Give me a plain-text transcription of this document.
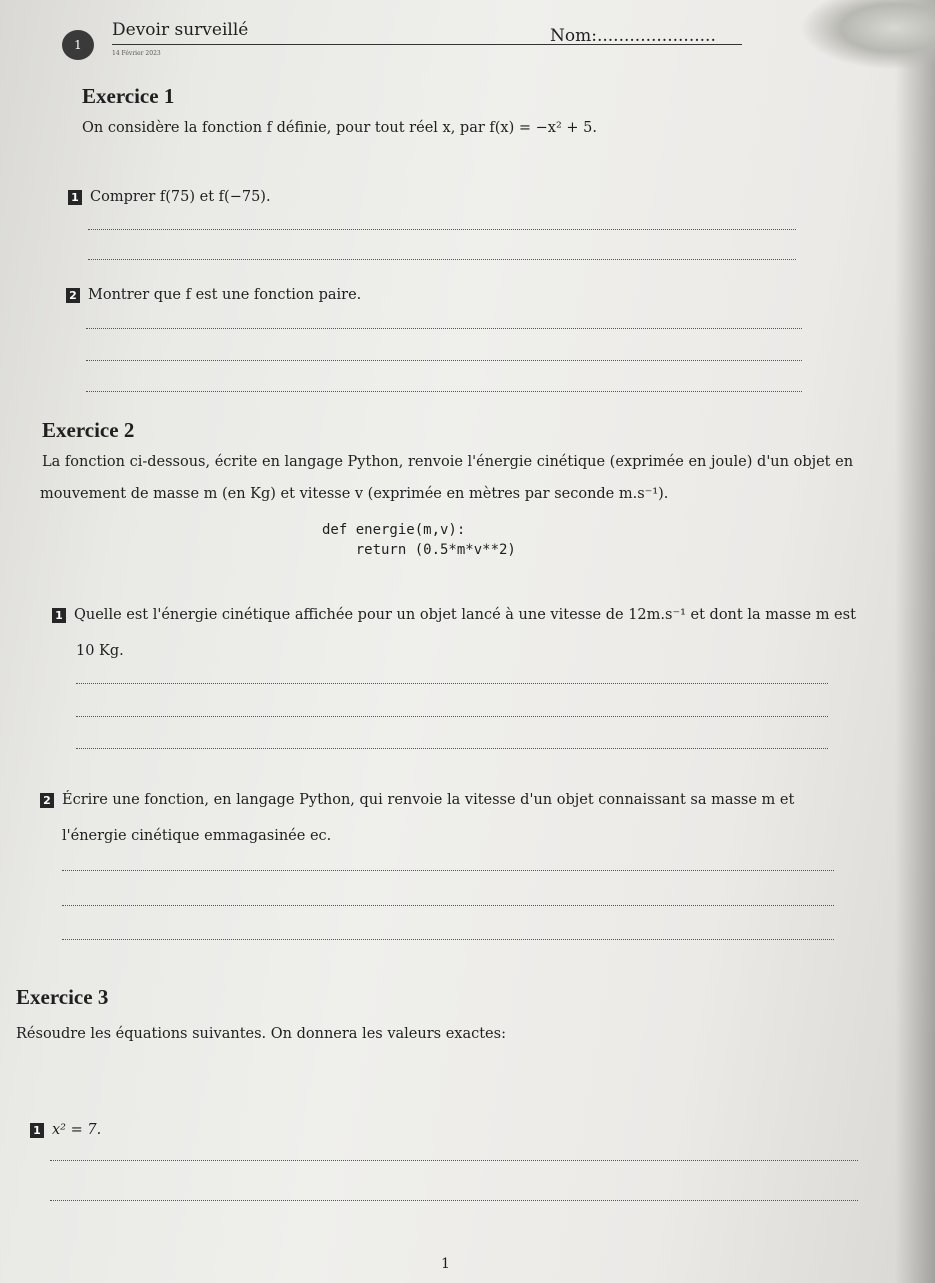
1
Devoir surveillé
14 Février 2023
Nom:......................
Exercice 1
On considère la fonction f définie, pour tout réel x, par f(x) = −x² + 5.
1 Comprer f(75) et f(−75).
2 Montrer que f est une fonction paire.
Exercice 2
La fonction ci-dessous, écrite en langage Python, renvoie l'énergie cinétique (exprimée en joule) d'un objet en
mouvement de masse m (en Kg) et vitesse v (exprimée en mètres par seconde m.s⁻¹).
def energie(m,v):
return (0.5*m*v**2)
1 Quelle est l'énergie cinétique affichée pour un objet lancé à une vitesse de 12m.s⁻¹ et dont la masse m est
10 Kg.
2 Écrire une fonction, en langage Python, qui renvoie la vitesse d'un objet connaissant sa masse m et
l'énergie cinétique emmagasinée ec.
Exercice 3
Résoudre les équations suivantes. On donnera les valeurs exactes:
1 x² = 7.
1
